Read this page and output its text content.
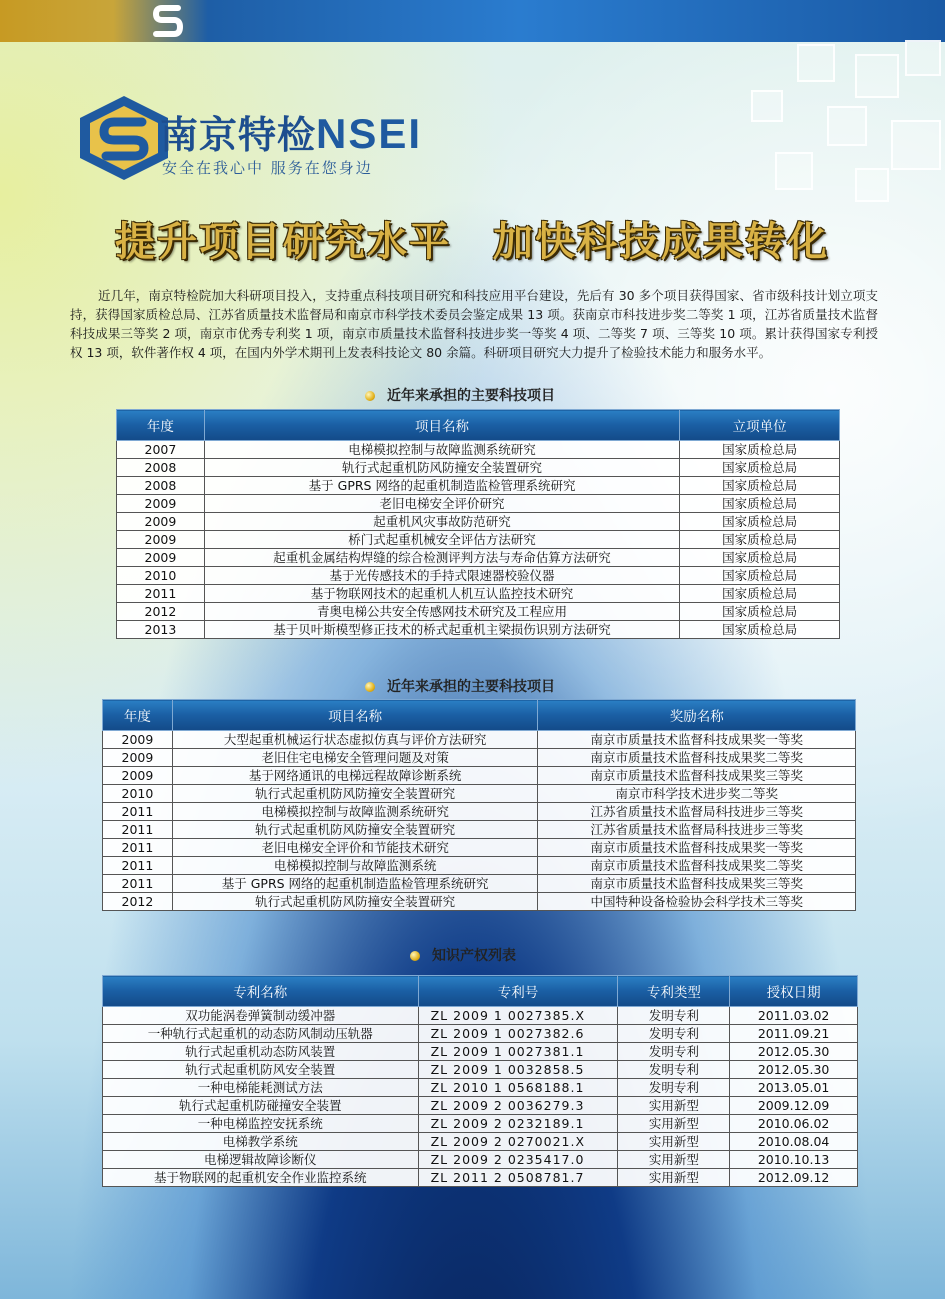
南京特检NSEI
安全在我心中 服务在您身边
提升项目研究水平　加快科技成果转化
近几年，南京特检院加大科研项目投入，支持重点科技项目研究和科技应用平台建设，先后有 30 多个项目获得国家、省市级科技计划立项支持，获得国家质检总局、江苏省质量技术监督局和南京市科学技术委员会鉴定成果 13 项。获南京市科技进步奖二等奖 1 项，江苏省质量技术监督科技成果三等奖 2 项，南京市优秀专利奖 1 项，南京市质量技术监督科技进步奖一等奖 4 项、二等奖 7 项、三等奖 10 项。累计获得国家专利授权 13 项，软件著作权 4 项，在国内外学术期刊上发表科技论文 80 余篇。科研项目研究大力提升了检验技术能力和服务水平。
近年来承担的主要科技项目
年度	项目名称	立项单位
2007	电梯模拟控制与故障监测系统研究	国家质检总局
2008	轨行式起重机防风防撞安全装置研究	国家质检总局
2008	基于 GPRS 网络的起重机制造监检管理系统研究	国家质检总局
2009	老旧电梯安全评价研究	国家质检总局
2009	起重机风灾事故防范研究	国家质检总局
2009	桥门式起重机械安全评估方法研究	国家质检总局
2009	起重机金属结构焊缝的综合检测评判方法与寿命估算方法研究	国家质检总局
2010	基于光传感技术的手持式限速器校验仪器	国家质检总局
2011	基于物联网技术的起重机人机互认监控技术研究	国家质检总局
2012	青奥电梯公共安全传感网技术研究及工程应用	国家质检总局
2013	基于贝叶斯模型修正技术的桥式起重机主梁损伤识别方法研究	国家质检总局
近年来承担的主要科技项目
年度	项目名称	奖励名称
2009	大型起重机械运行状态虚拟仿真与评价方法研究	南京市质量技术监督科技成果奖一等奖
2009	老旧住宅电梯安全管理问题及对策	南京市质量技术监督科技成果奖二等奖
2009	基于网络通讯的电梯远程故障诊断系统	南京市质量技术监督科技成果奖三等奖
2010	轨行式起重机防风防撞安全装置研究	南京市科学技术进步奖二等奖
2011	电梯模拟控制与故障监测系统研究	江苏省质量技术监督局科技进步三等奖
2011	轨行式起重机防风防撞安全装置研究	江苏省质量技术监督局科技进步三等奖
2011	老旧电梯安全评价和节能技术研究	南京市质量技术监督科技成果奖一等奖
2011	电梯模拟控制与故障监测系统	南京市质量技术监督科技成果奖二等奖
2011	基于 GPRS 网络的起重机制造监检管理系统研究	南京市质量技术监督科技成果奖三等奖
2012	轨行式起重机防风防撞安全装置研究	中国特种设备检验协会科学技术三等奖
知识产权列表
专利名称	专利号	专利类型	授权日期
双功能涡卷弹簧制动缓冲器	ZL 2009 1 0027385.X	发明专利	2011.03.02
一种轨行式起重机的动态防风制动压轨器	ZL 2009 1 0027382.6	发明专利	2011.09.21
轨行式起重机动态防风装置	ZL 2009 1 0027381.1	发明专利	2012.05.30
轨行式起重机防风安全装置	ZL 2009 1 0032858.5	发明专利	2012.05.30
一种电梯能耗测试方法	ZL 2010 1 0568188.1	发明专利	2013.05.01
轨行式起重机防碰撞安全装置	ZL 2009 2 0036279.3	实用新型	2009.12.09
一种电梯监控安抚系统	ZL 2009 2 0232189.1	实用新型	2010.06.02
电梯教学系统	ZL 2009 2 0270021.X	实用新型	2010.08.04
电梯逻辑故障诊断仪	ZL 2009 2 0235417.0	实用新型	2010.10.13
基于物联网的起重机安全作业监控系统	ZL 2011 2 0508781.7	实用新型	2012.09.12
